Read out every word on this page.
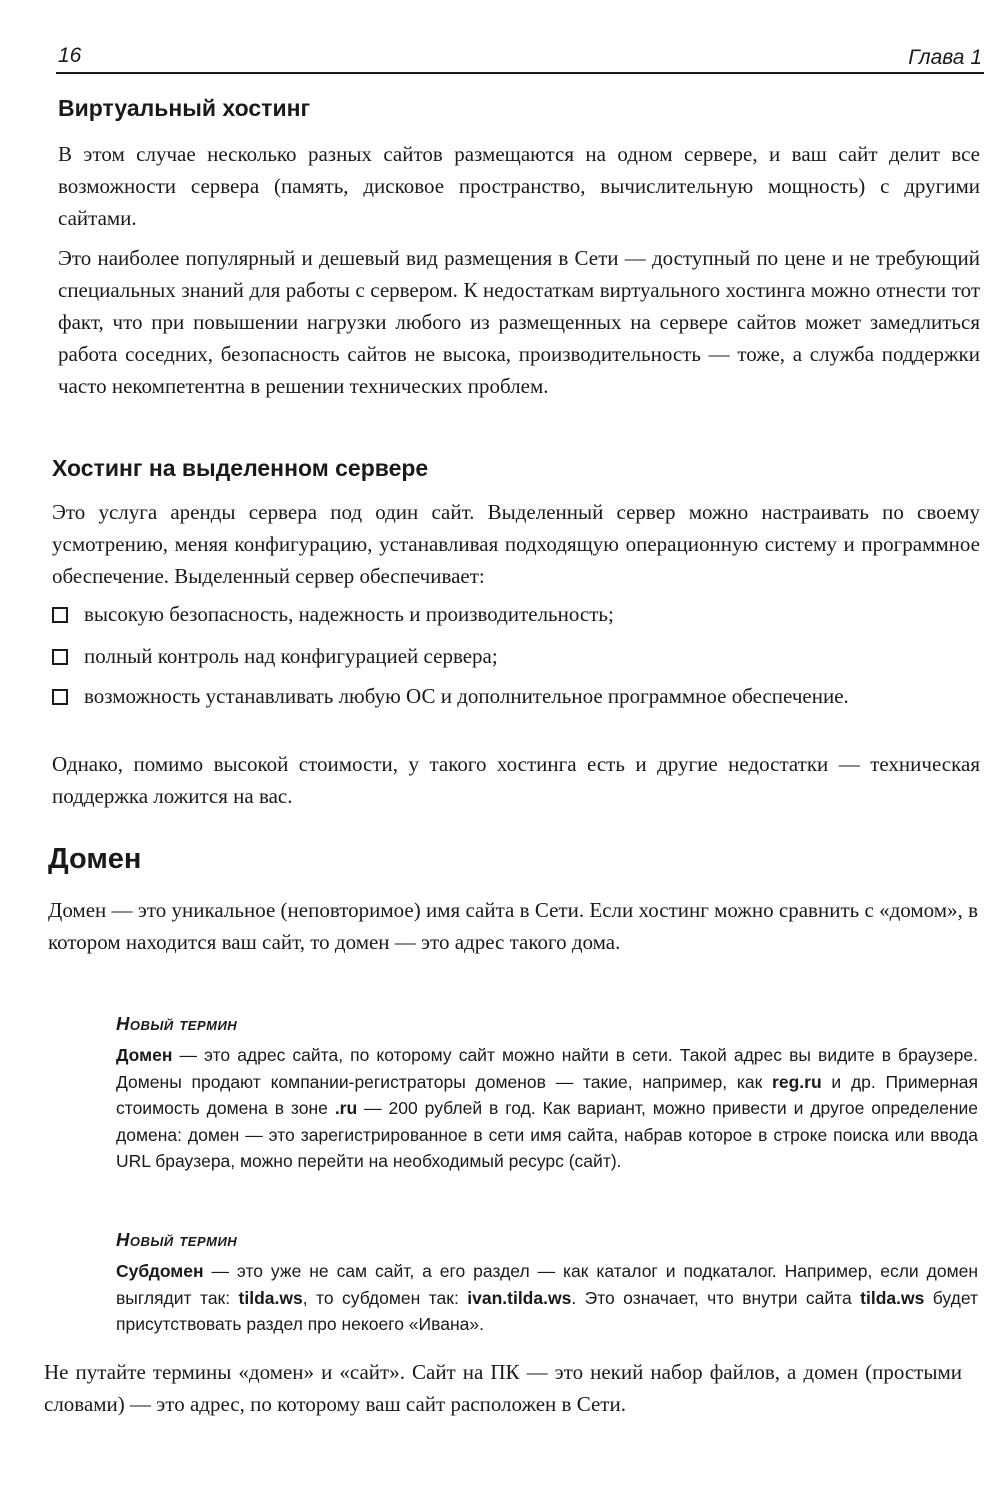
16	Глава 1
Виртуальный хостинг

В этом случае несколько разных сайтов размещаются на одном сервере, и ваш сайт делит все возможности сервера (память, дисковое пространство, вычислительную мощность) с другими сайтами.

Это наиболее популярный и дешевый вид размещения в Сети — доступный по цене и не требующий специальных знаний для работы с сервером. К недостаткам виртуального хостинга можно отнести тот факт, что при повышении нагрузки любого из размещенных на сервере сайтов может замедлиться работа соседних, безопасность сайтов не высока, производительность — тоже, а служба поддержки часто некомпетентна в решении технических проблем.

Хостинг на выделенном сервере

Это услуга аренды сервера под один сайт. Выделенный сервер можно настраивать по своему усмотрению, меняя конфигурацию, устанавливая подходящую операционную систему и программное обеспечение. Выделенный сервер обеспечивает:

высокую безопасность, надежность и производительность;
полный контроль над конфигурацией сервера;
возможность устанавливать любую ОС и дополнительное программное обеспечение.

Однако, помимо высокой стоимости, у такого хостинга есть и другие недостатки — техническая поддержка ложится на вас.

Домен

Домен — это уникальное (неповторимое) имя сайта в Сети. Если хостинг можно сравнить с «домом», в котором находится ваш сайт, то домен — это адрес такого дома.

Новый термин

Домен — это адрес сайта, по которому сайт можно найти в сети. Такой адрес вы видите в браузере. Домены продают компании-регистраторы доменов — такие, например, как reg.ru и др. Примерная стоимость домена в зоне .ru — 200 рублей в год. Как вариант, можно привести и другое определение домена: домен — это зарегистрированное в сети имя сайта, набрав которое в строке поиска или ввода URL браузера, можно перейти на необходимый ресурс (сайт).

Новый термин

Субдомен — это уже не сам сайт, а его раздел — как каталог и подкаталог. Например, если домен выглядит так: tilda.ws, то субдомен так: ivan.tilda.ws. Это означает, что внутри сайта tilda.ws будет присутствовать раздел про некоего «Ивана».

Не путайте термины «домен» и «сайт». Сайт на ПК — это некий набор файлов, а домен (простыми словами) — это адрес, по которому ваш сайт расположен в Сети.
